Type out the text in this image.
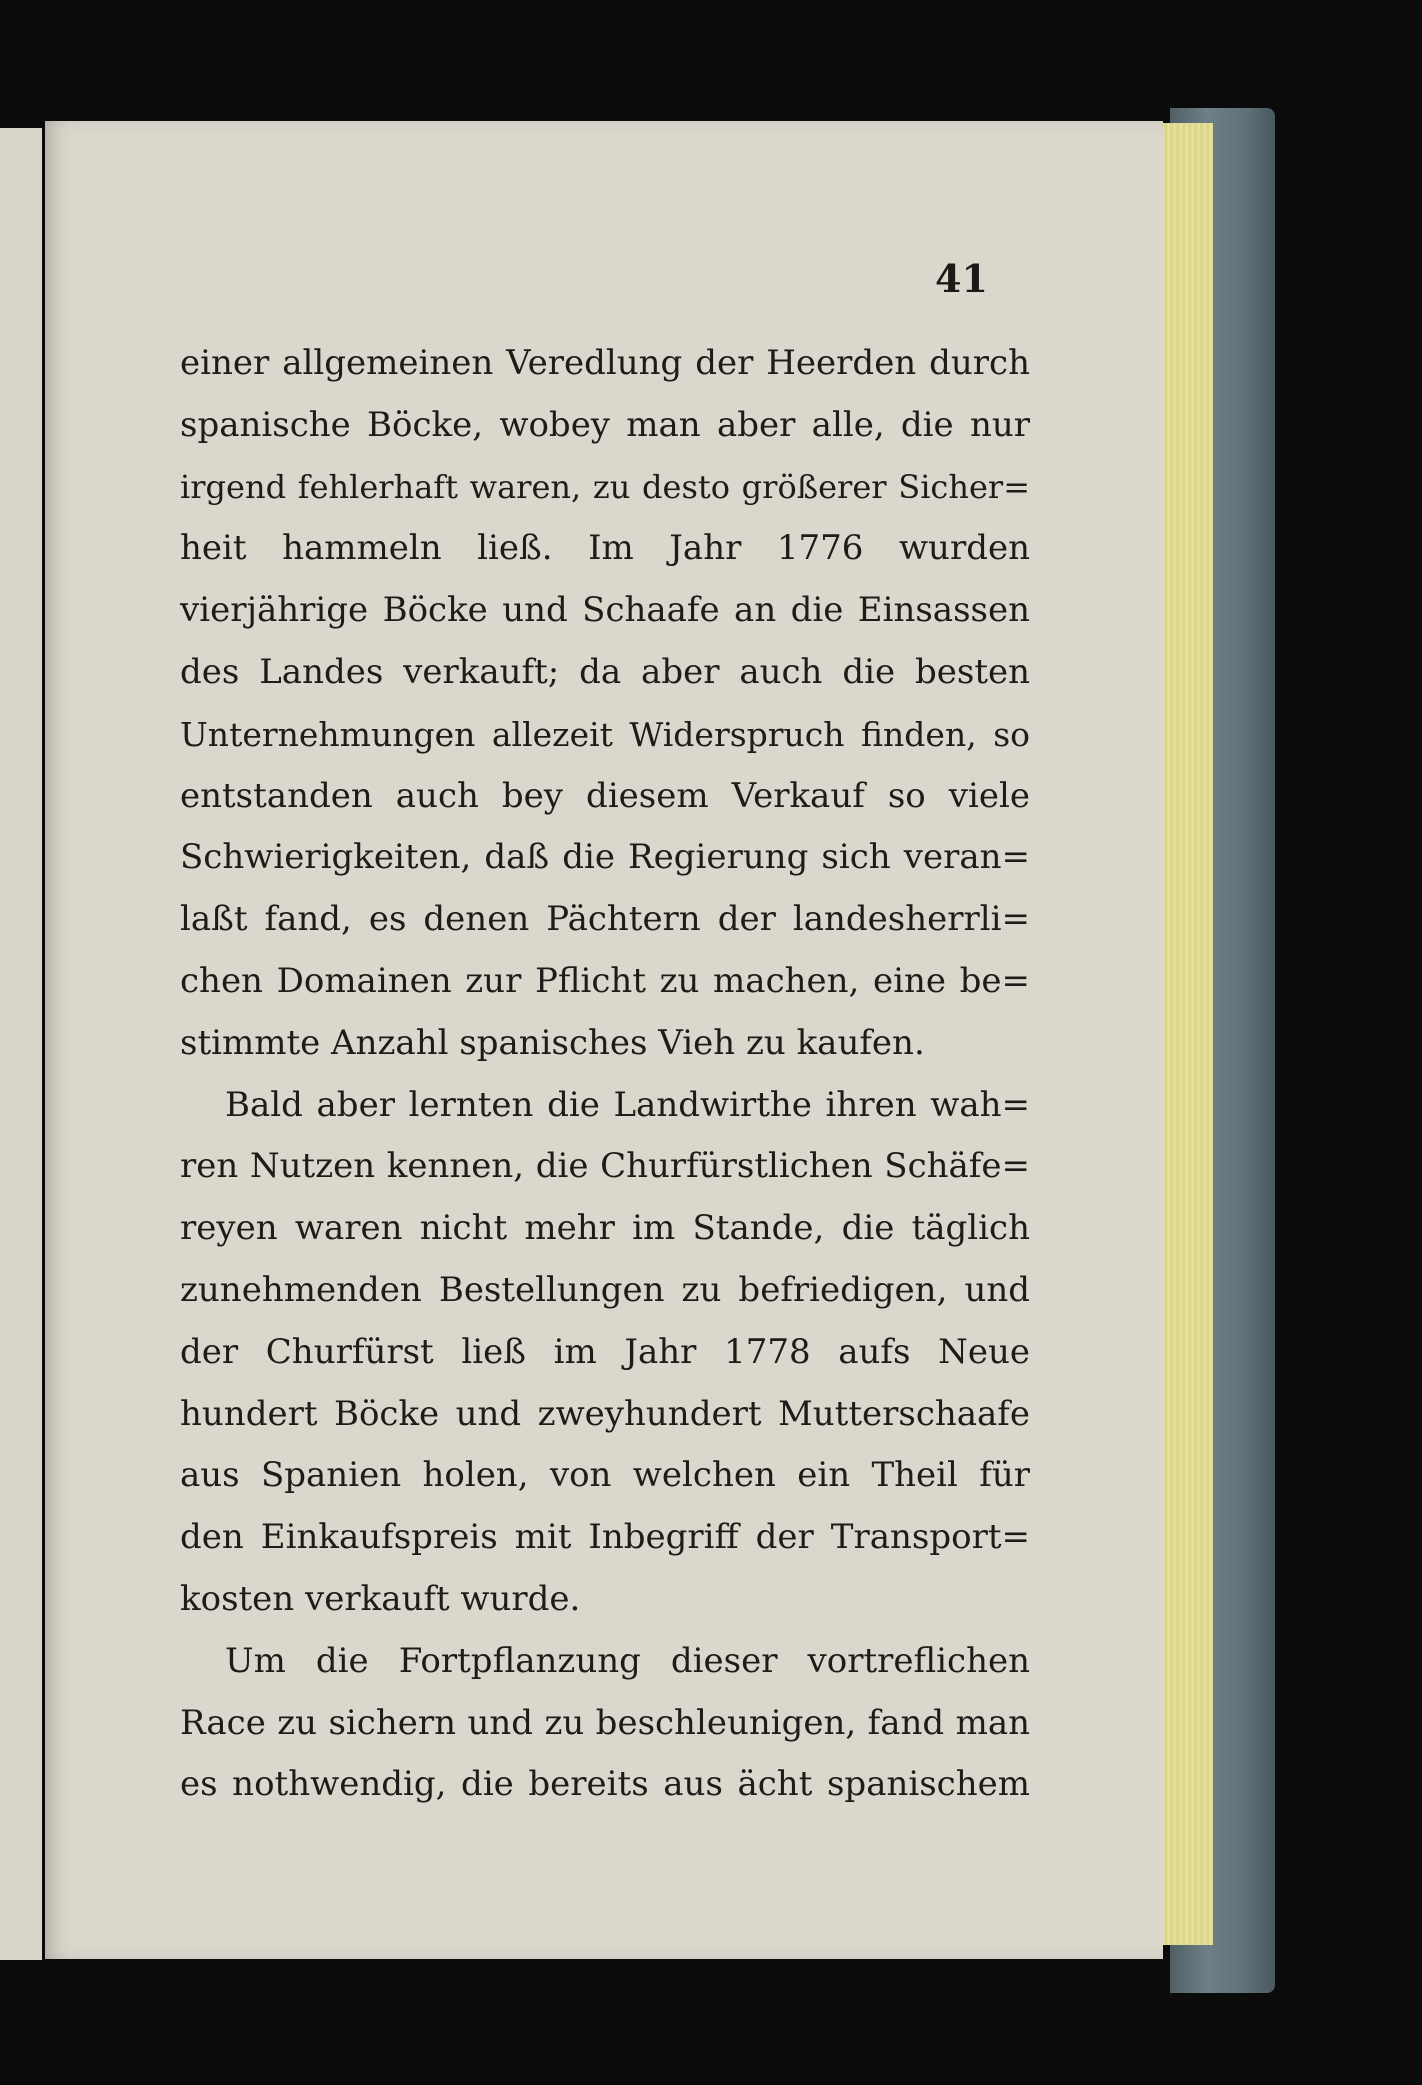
41
einer allgemeinen Veredlung der Heerden durch
spanische Böcke, wobey man aber alle, die nur
irgend fehlerhaft waren, zu desto größerer Sicher=
heit hammeln ließ. Im Jahr 1776 wurden
vierjährige Böcke und Schaafe an die Einsassen
des Landes verkauft; da aber auch die besten
Unternehmungen allezeit Widerspruch finden, so
entstanden auch bey diesem Verkauf so viele
Schwierigkeiten, daß die Regierung sich veran=
laßt fand, es denen Pächtern der landesherrli=
chen Domainen zur Pflicht zu machen, eine be=
stimmte Anzahl spanisches Vieh zu kaufen.
Bald aber lernten die Landwirthe ihren wah=
ren Nutzen kennen, die Churfürstlichen Schäfe=
reyen waren nicht mehr im Stande, die täglich
zunehmenden Bestellungen zu befriedigen, und
der Churfürst ließ im Jahr 1778 aufs Neue
hundert Böcke und zweyhundert Mutterschaafe
aus Spanien holen, von welchen ein Theil für
den Einkaufspreis mit Inbegriff der Transport=
kosten verkauft wurde.
Um die Fortpflanzung dieser vortreflichen
Race zu sichern und zu beschleunigen, fand man
es nothwendig, die bereits aus ächt spanischem
